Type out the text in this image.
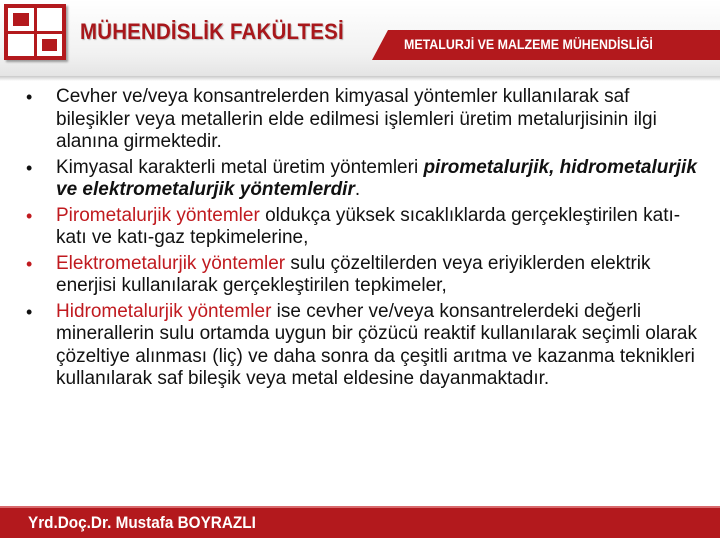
MÜHENDİSLİK FAKÜLTESİ
METALURJİ VE MALZEME MÜHENDİSLİĞİ
• Cevher ve/veya konsantrelerden kimyasal yöntemler kullanılarak saf bileşikler veya metallerin elde edilmesi işlemleri üretim metalurjisinin ilgi alanına girmektedir.
• Kimyasal karakterli metal üretim yöntemleri pirometalurjik, hidrometalurjik ve elektrometalurjik yöntemlerdir.
• Pirometalurjik yöntemler oldukça yüksek sıcaklıklarda gerçekleştirilen katı-katı ve katı-gaz tepkimelerine,
• Elektrometalurjik yöntemler sulu çözeltilerden veya eriyiklerden elektrik enerjisi kullanılarak gerçekleştirilen tepkimeler,
• Hidrometalurjik yöntemler ise cevher ve/veya konsantrelerdeki değerli minerallerin sulu ortamda uygun bir çözücü reaktif kullanılarak seçimli olarak çözeltiye alınması (liç) ve daha sonra da çeşitli arıtma ve kazanma teknikleri kullanılarak saf bileşik veya metal eldesine dayanmaktadır.
Yrd.Doç.Dr. Mustafa BOYRAZLI
